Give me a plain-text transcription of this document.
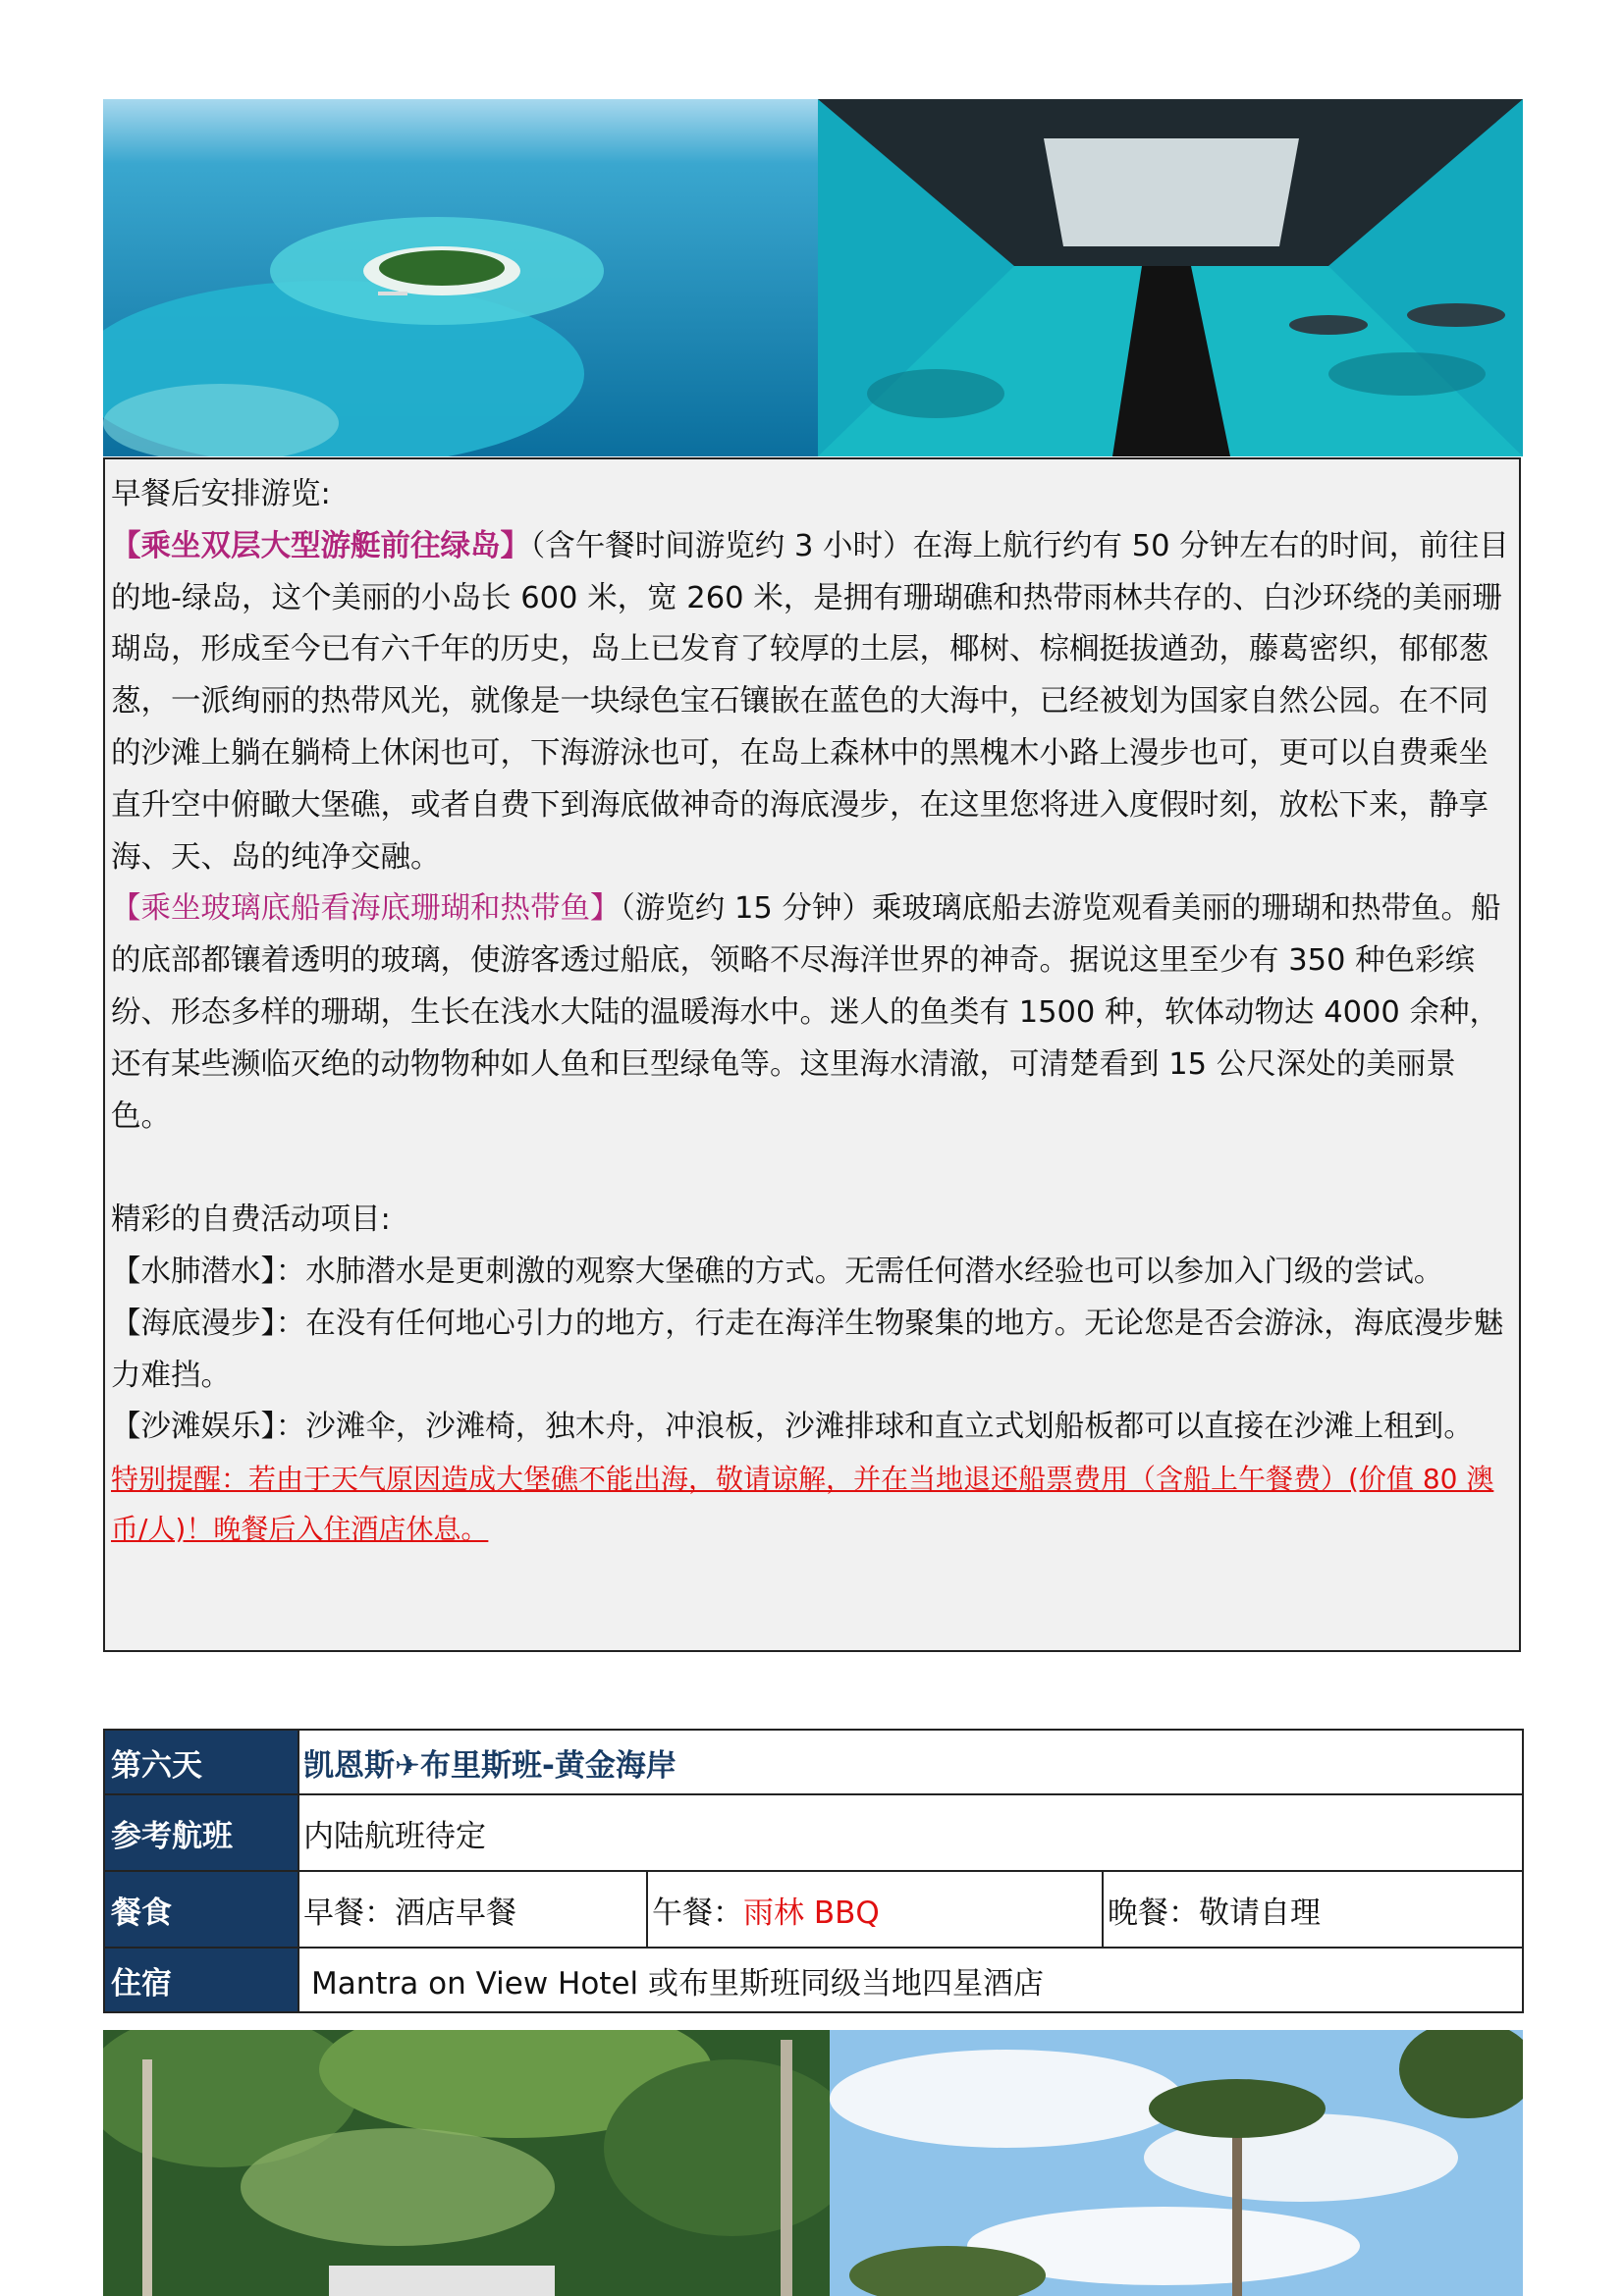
早餐后安排游览:

【乘坐双层大型游艇前往绿岛】（含午餐时间游览约 3 小时）在海上航行约有 50 分钟左右的时间，前往目的地-绿岛，这个美丽的小岛长 600 米，宽 260 米，是拥有珊瑚礁和热带雨林共存的、白沙环绕的美丽珊瑚岛，形成至今已有六千年的历史，岛上已发育了较厚的土层，椰树、棕榈挺拔遒劲，藤葛密织，郁郁葱葱，一派绚丽的热带风光，就像是一块绿色宝石镶嵌在蓝色的大海中，已经被划为国家自然公园。在不同的沙滩上躺在躺椅上休闲也可，下海游泳也可，在岛上森林中的黑槐木小路上漫步也可，更可以自费乘坐直升空中俯瞰大堡礁，或者自费下到海底做神奇的海底漫步，在这里您将进入度假时刻，放松下来，静享海、天、岛的纯净交融。

【乘坐玻璃底船看海底珊瑚和热带鱼】（游览约 15 分钟）乘玻璃底船去游览观看美丽的珊瑚和热带鱼。船的底部都镶着透明的玻璃，使游客透过船底，领略不尽海洋世界的神奇。据说这里至少有 350 种色彩缤纷、形态多样的珊瑚，生长在浅水大陆的温暖海水中。迷人的鱼类有 1500 种，软体动物达 4000 余种，还有某些濒临灭绝的动物物种如人鱼和巨型绿龟等。这里海水清澈，可清楚看到 15 公尺深处的美丽景色。

精彩的自费活动项目:

【水肺潜水】：水肺潜水是更刺激的观察大堡礁的方式。无需任何潜水经验也可以参加入门级的尝试。

【海底漫步】：在没有任何地心引力的地方，行走在海洋生物聚集的地方。无论您是否会游泳，海底漫步魅力难挡。

【沙滩娱乐】：沙滩伞，沙滩椅，独木舟，冲浪板，沙滩排球和直立式划船板都可以直接在沙滩上租到。

特别提醒：若由于天气原因造成大堡礁不能出海，敬请谅解，并在当地退还船票费用（含船上午餐费）(价值 80 澳币/人)！晚餐后入住酒店休息。

第六天	凯恩斯✈布里斯班-黄金海岸		
参考航班	内陆航班待定		
餐食	早餐：酒店早餐	午餐：雨林 BBQ	晚餐：敬请自理
住宿	Mantra on View Hotel 或布里斯班同级当地四星酒店		
